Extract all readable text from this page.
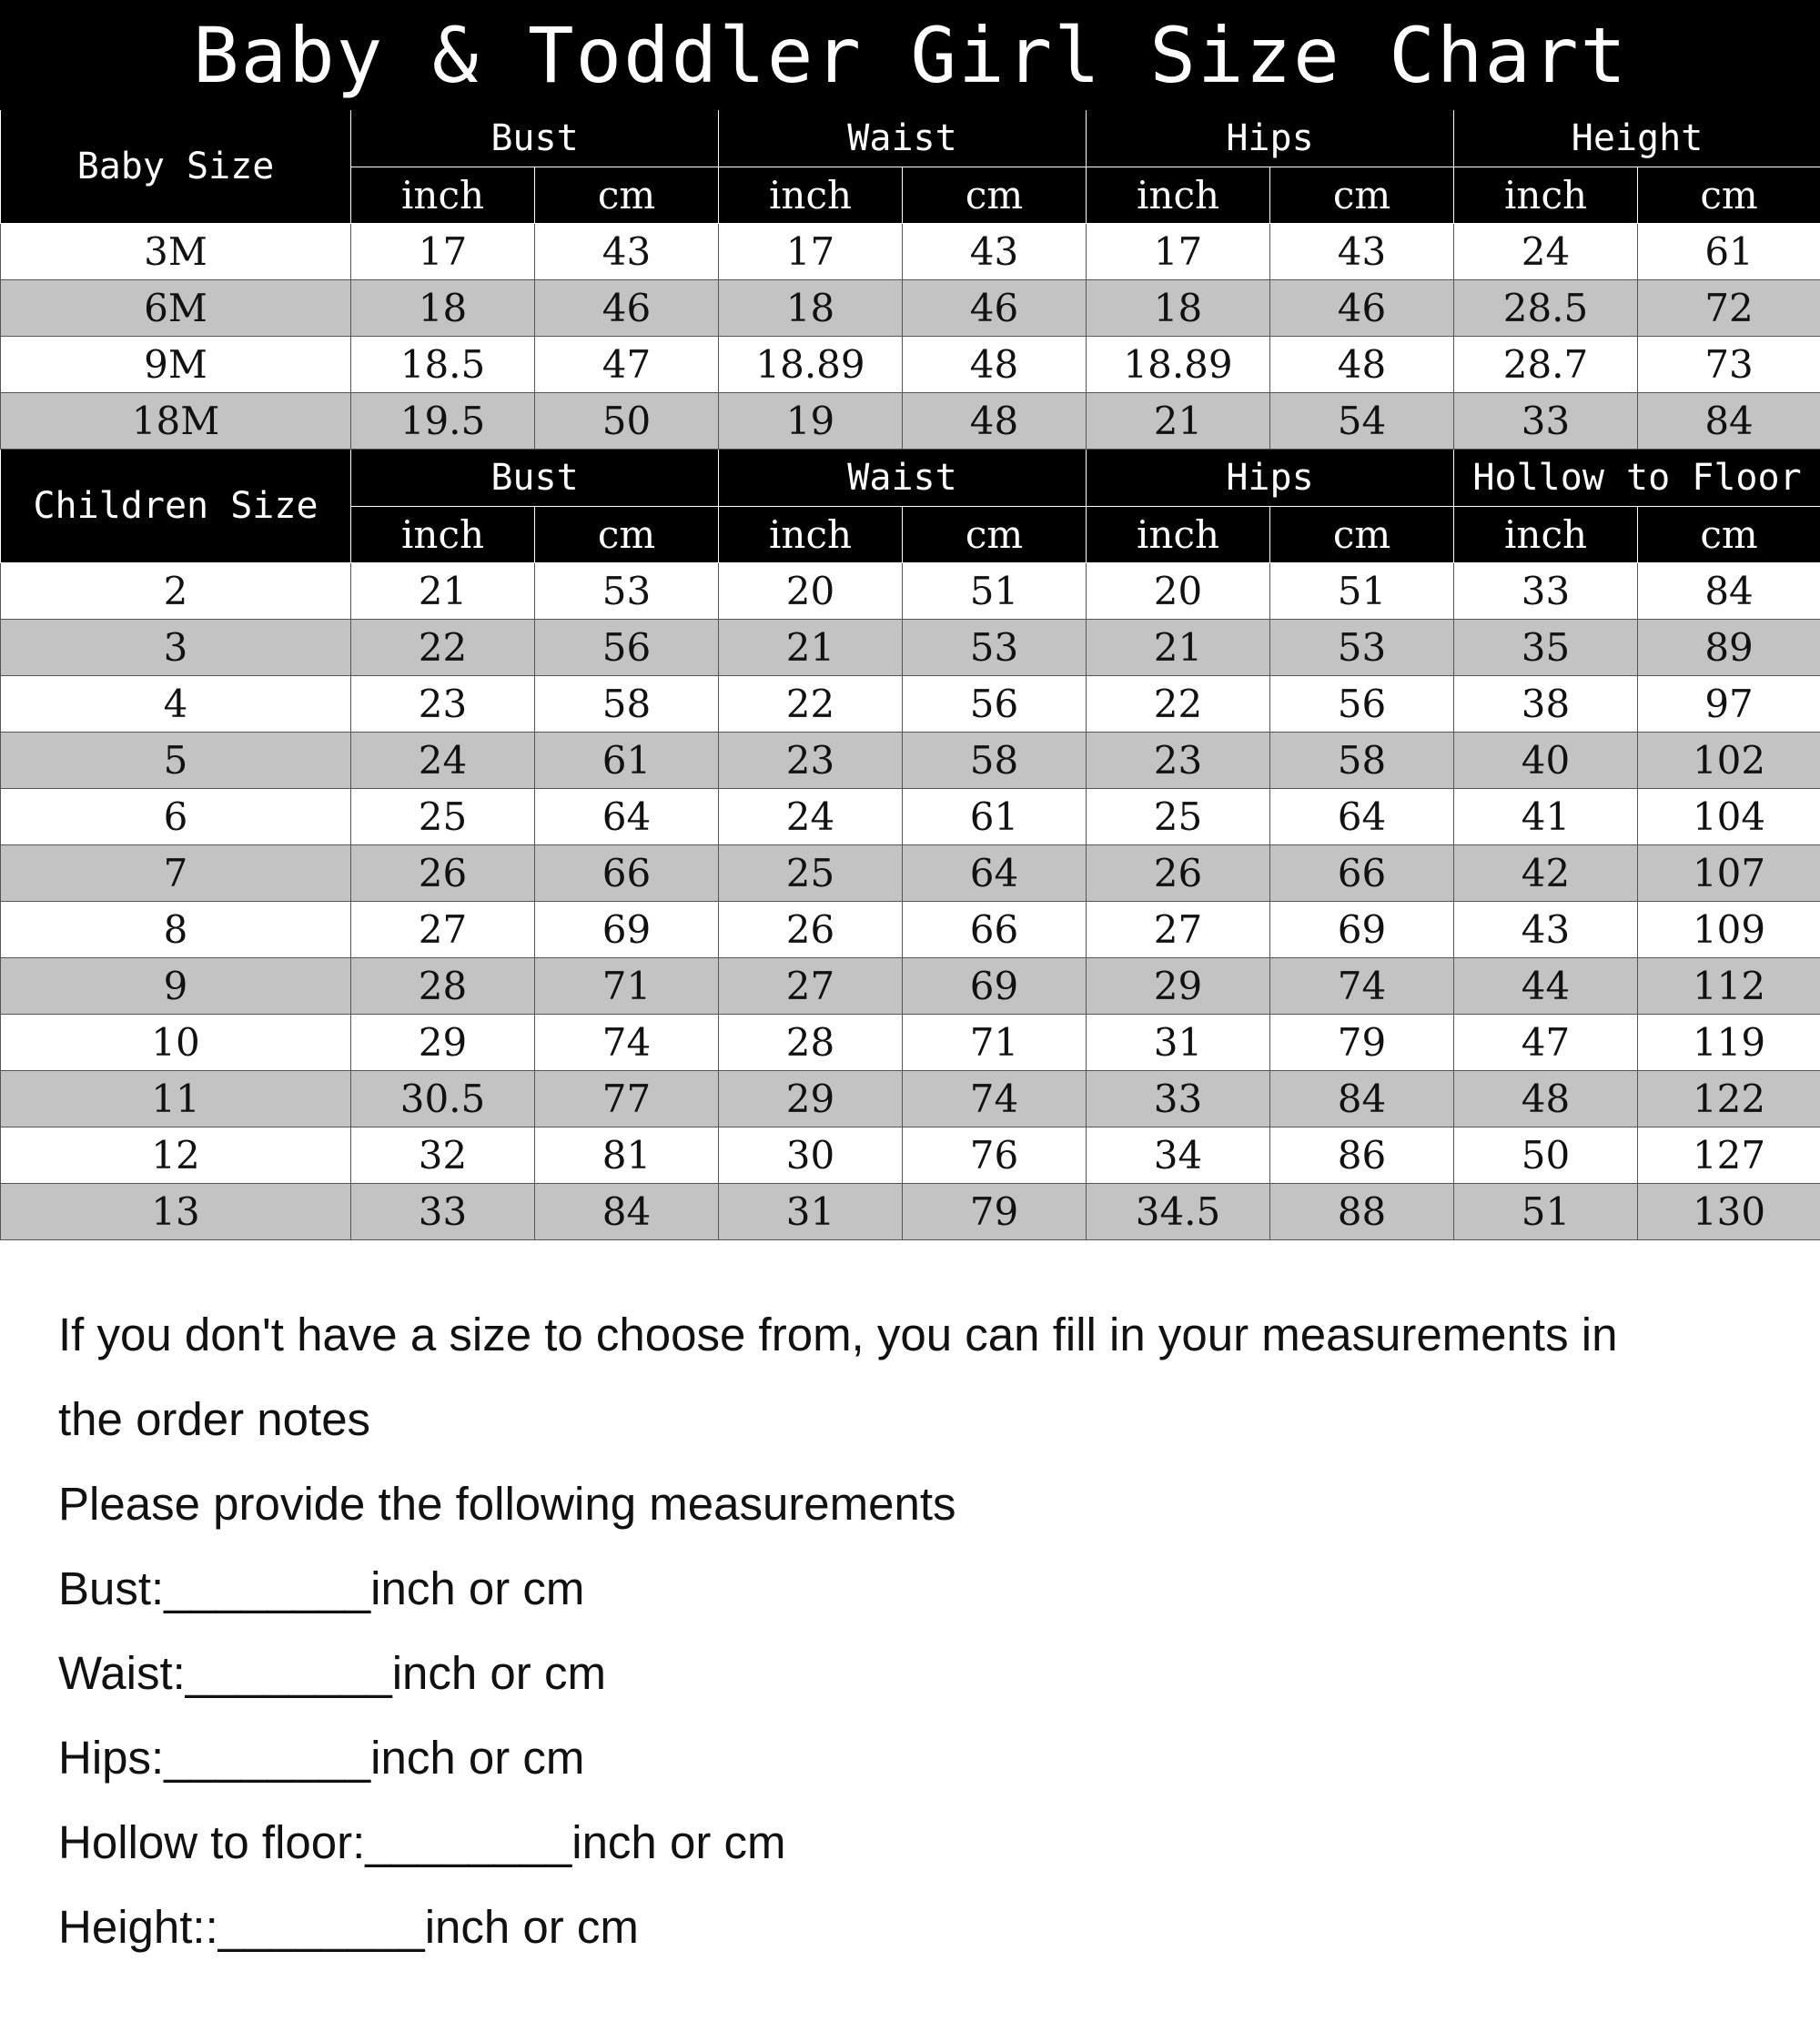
Baby & Toddler Girl Size Chart								
Baby Size	Bust		Waist		Hips		Height	
	inch	cm	inch	cm	inch	cm	inch	cm
3M	17	43	17	43	17	43	24	61
6M	18	46	18	46	18	46	28.5	72
9M	18.5	47	18.89	48	18.89	48	28.7	73
18M	19.5	50	19	48	21	54	33	84
Children Size	Bust		Waist		Hips		Hollow to Floor	
	inch	cm	inch	cm	inch	cm	inch	cm
2	21	53	20	51	20	51	33	84
3	22	56	21	53	21	53	35	89
4	23	58	22	56	22	56	38	97
5	24	61	23	58	23	58	40	102
6	25	64	24	61	25	64	41	104
7	26	66	25	64	26	66	42	107
8	27	69	26	66	27	69	43	109
9	28	71	27	69	29	74	44	112
10	29	74	28	71	31	79	47	119
11	30.5	77	29	74	33	84	48	122
12	32	81	30	76	34	86	50	127
13	33	84	31	79	34.5	88	51	130
If you don't have a size to choose from, you can fill in your measurements in
the order notes
Please provide the following measurements
Bust:________inch or cm
Waist:________inch or cm
Hips:________inch or cm
Hollow to floor:________inch or cm
Height::________inch or cm
